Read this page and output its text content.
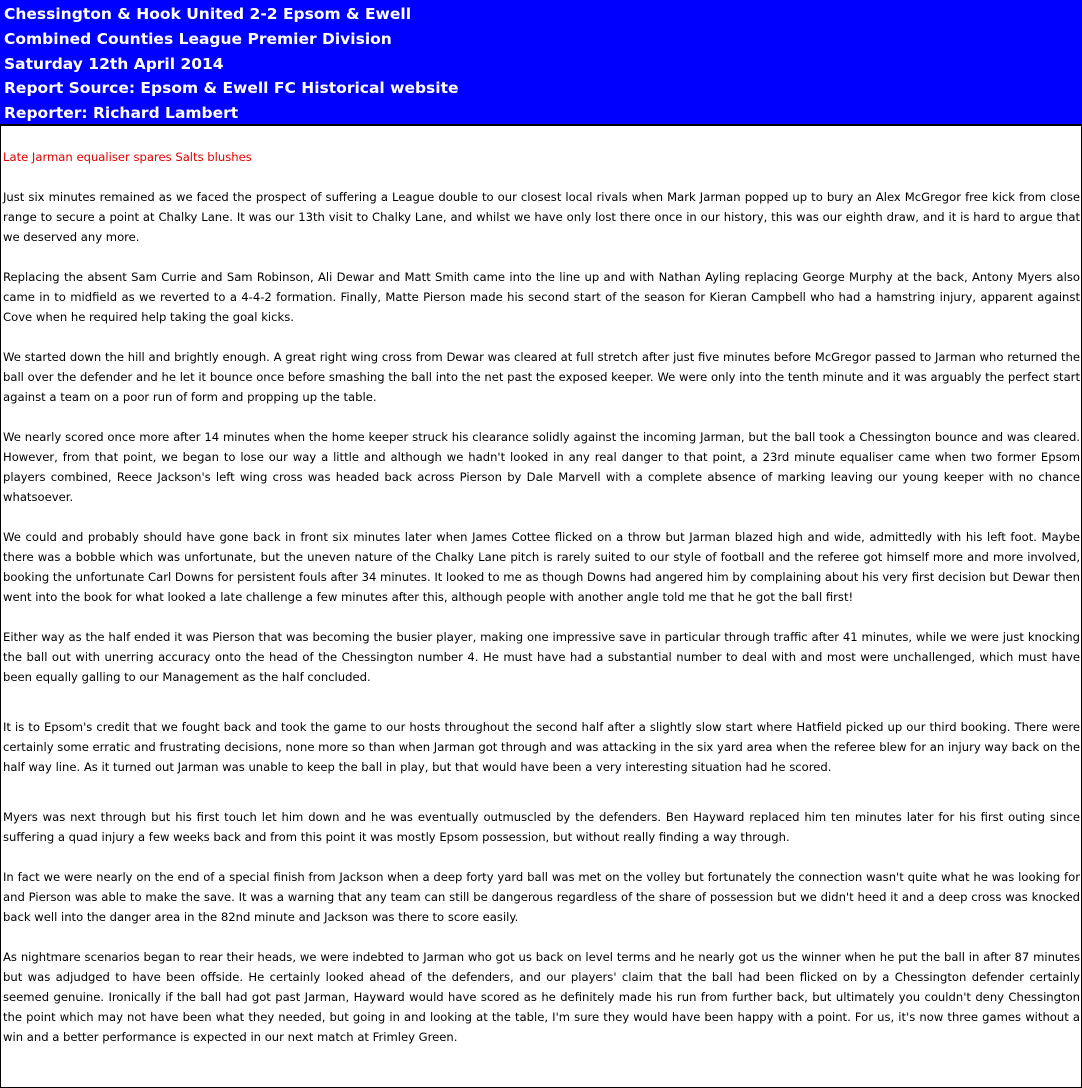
Chessington & Hook United 2-2 Epsom & Ewell
Combined Counties League Premier Division
Saturday 12th April 2014
Report Source: Epsom & Ewell FC Historical website
Reporter: Richard Lambert
Late Jarman equaliser spares Salts blushes

Just six minutes remained as we faced the prospect of suffering a League double to our closest local rivals when Mark Jarman popped up to bury an Alex McGregor free kick from close range to secure a point at Chalky Lane. It was our 13th visit to Chalky Lane, and whilst we have only lost there once in our history, this was our eighth draw, and it is hard to argue that we deserved any more.

Replacing the absent Sam Currie and Sam Robinson, Ali Dewar and Matt Smith came into the line up and with Nathan Ayling replacing George Murphy at the back, Antony Myers also came in to midfield as we reverted to a 4-4-2 formation. Finally, Matte Pierson made his second start of the season for Kieran Campbell who had a hamstring injury, apparent against Cove when he required help taking the goal kicks.

We started down the hill and brightly enough. A great right wing cross from Dewar was cleared at full stretch after just five minutes before McGregor passed to Jarman who returned the ball over the defender and he let it bounce once before smashing the ball into the net past the exposed keeper. We were only into the tenth minute and it was arguably the perfect start against a team on a poor run of form and propping up the table.

We nearly scored once more after 14 minutes when the home keeper struck his clearance solidly against the incoming Jarman, but the ball took a Chessington bounce and was cleared. However, from that point, we began to lose our way a little and although we hadn't looked in any real danger to that point, a 23rd minute equaliser came when two former Epsom players combined, Reece Jackson's left wing cross was headed back across Pierson by Dale Marvell with a complete absence of marking leaving our young keeper with no chance whatsoever.

We could and probably should have gone back in front six minutes later when James Cottee flicked on a throw but Jarman blazed high and wide, admittedly with his left foot. Maybe there was a bobble which was unfortunate, but the uneven nature of the Chalky Lane pitch is rarely suited to our style of football and the referee got himself more and more involved, booking the unfortunate Carl Downs for persistent fouls after 34 minutes. It looked to me as though Downs had angered him by complaining about his very first decision but Dewar then went into the book for what looked a late challenge a few minutes after this, although people with another angle told me that he got the ball first!

Either way as the half ended it was Pierson that was becoming the busier player, making one impressive save in particular through traffic after 41 minutes, while we were just knocking the ball out with unerring accuracy onto the head of the Chessington number 4. He must have had a substantial number to deal with and most were unchallenged, which must have been equally galling to our Management as the half concluded.

It is to Epsom's credit that we fought back and took the game to our hosts throughout the second half after a slightly slow start where Hatfield picked up our third booking. There were certainly some erratic and frustrating decisions, none more so than when Jarman got through and was attacking in the six yard area when the referee blew for an injury way back on the half way line. As it turned out Jarman was unable to keep the ball in play, but that would have been a very interesting situation had he scored.

Myers was next through but his first touch let him down and he was eventually outmuscled by the defenders. Ben Hayward replaced him ten minutes later for his first outing since suffering a quad injury a few weeks back and from this point it was mostly Epsom possession, but without really finding a way through.

In fact we were nearly on the end of a special finish from Jackson when a deep forty yard ball was met on the volley but fortunately the connection wasn't quite what he was looking for and Pierson was able to make the save. It was a warning that any team can still be dangerous regardless of the share of possession but we didn't heed it and a deep cross was knocked back well into the danger area in the 82nd minute and Jackson was there to score easily.

As nightmare scenarios began to rear their heads, we were indebted to Jarman who got us back on level terms and he nearly got us the winner when he put the ball in after 87 minutes but was adjudged to have been offside. He certainly looked ahead of the defenders, and our players' claim that the ball had been flicked on by a Chessington defender certainly seemed genuine. Ironically if the ball had got past Jarman, Hayward would have scored as he definitely made his run from further back, but ultimately you couldn't deny Chessington the point which may not have been what they needed, but going in and looking at the table, I'm sure they would have been happy with a point. For us, it's now three games without a win and a better performance is expected in our next match at Frimley Green.
